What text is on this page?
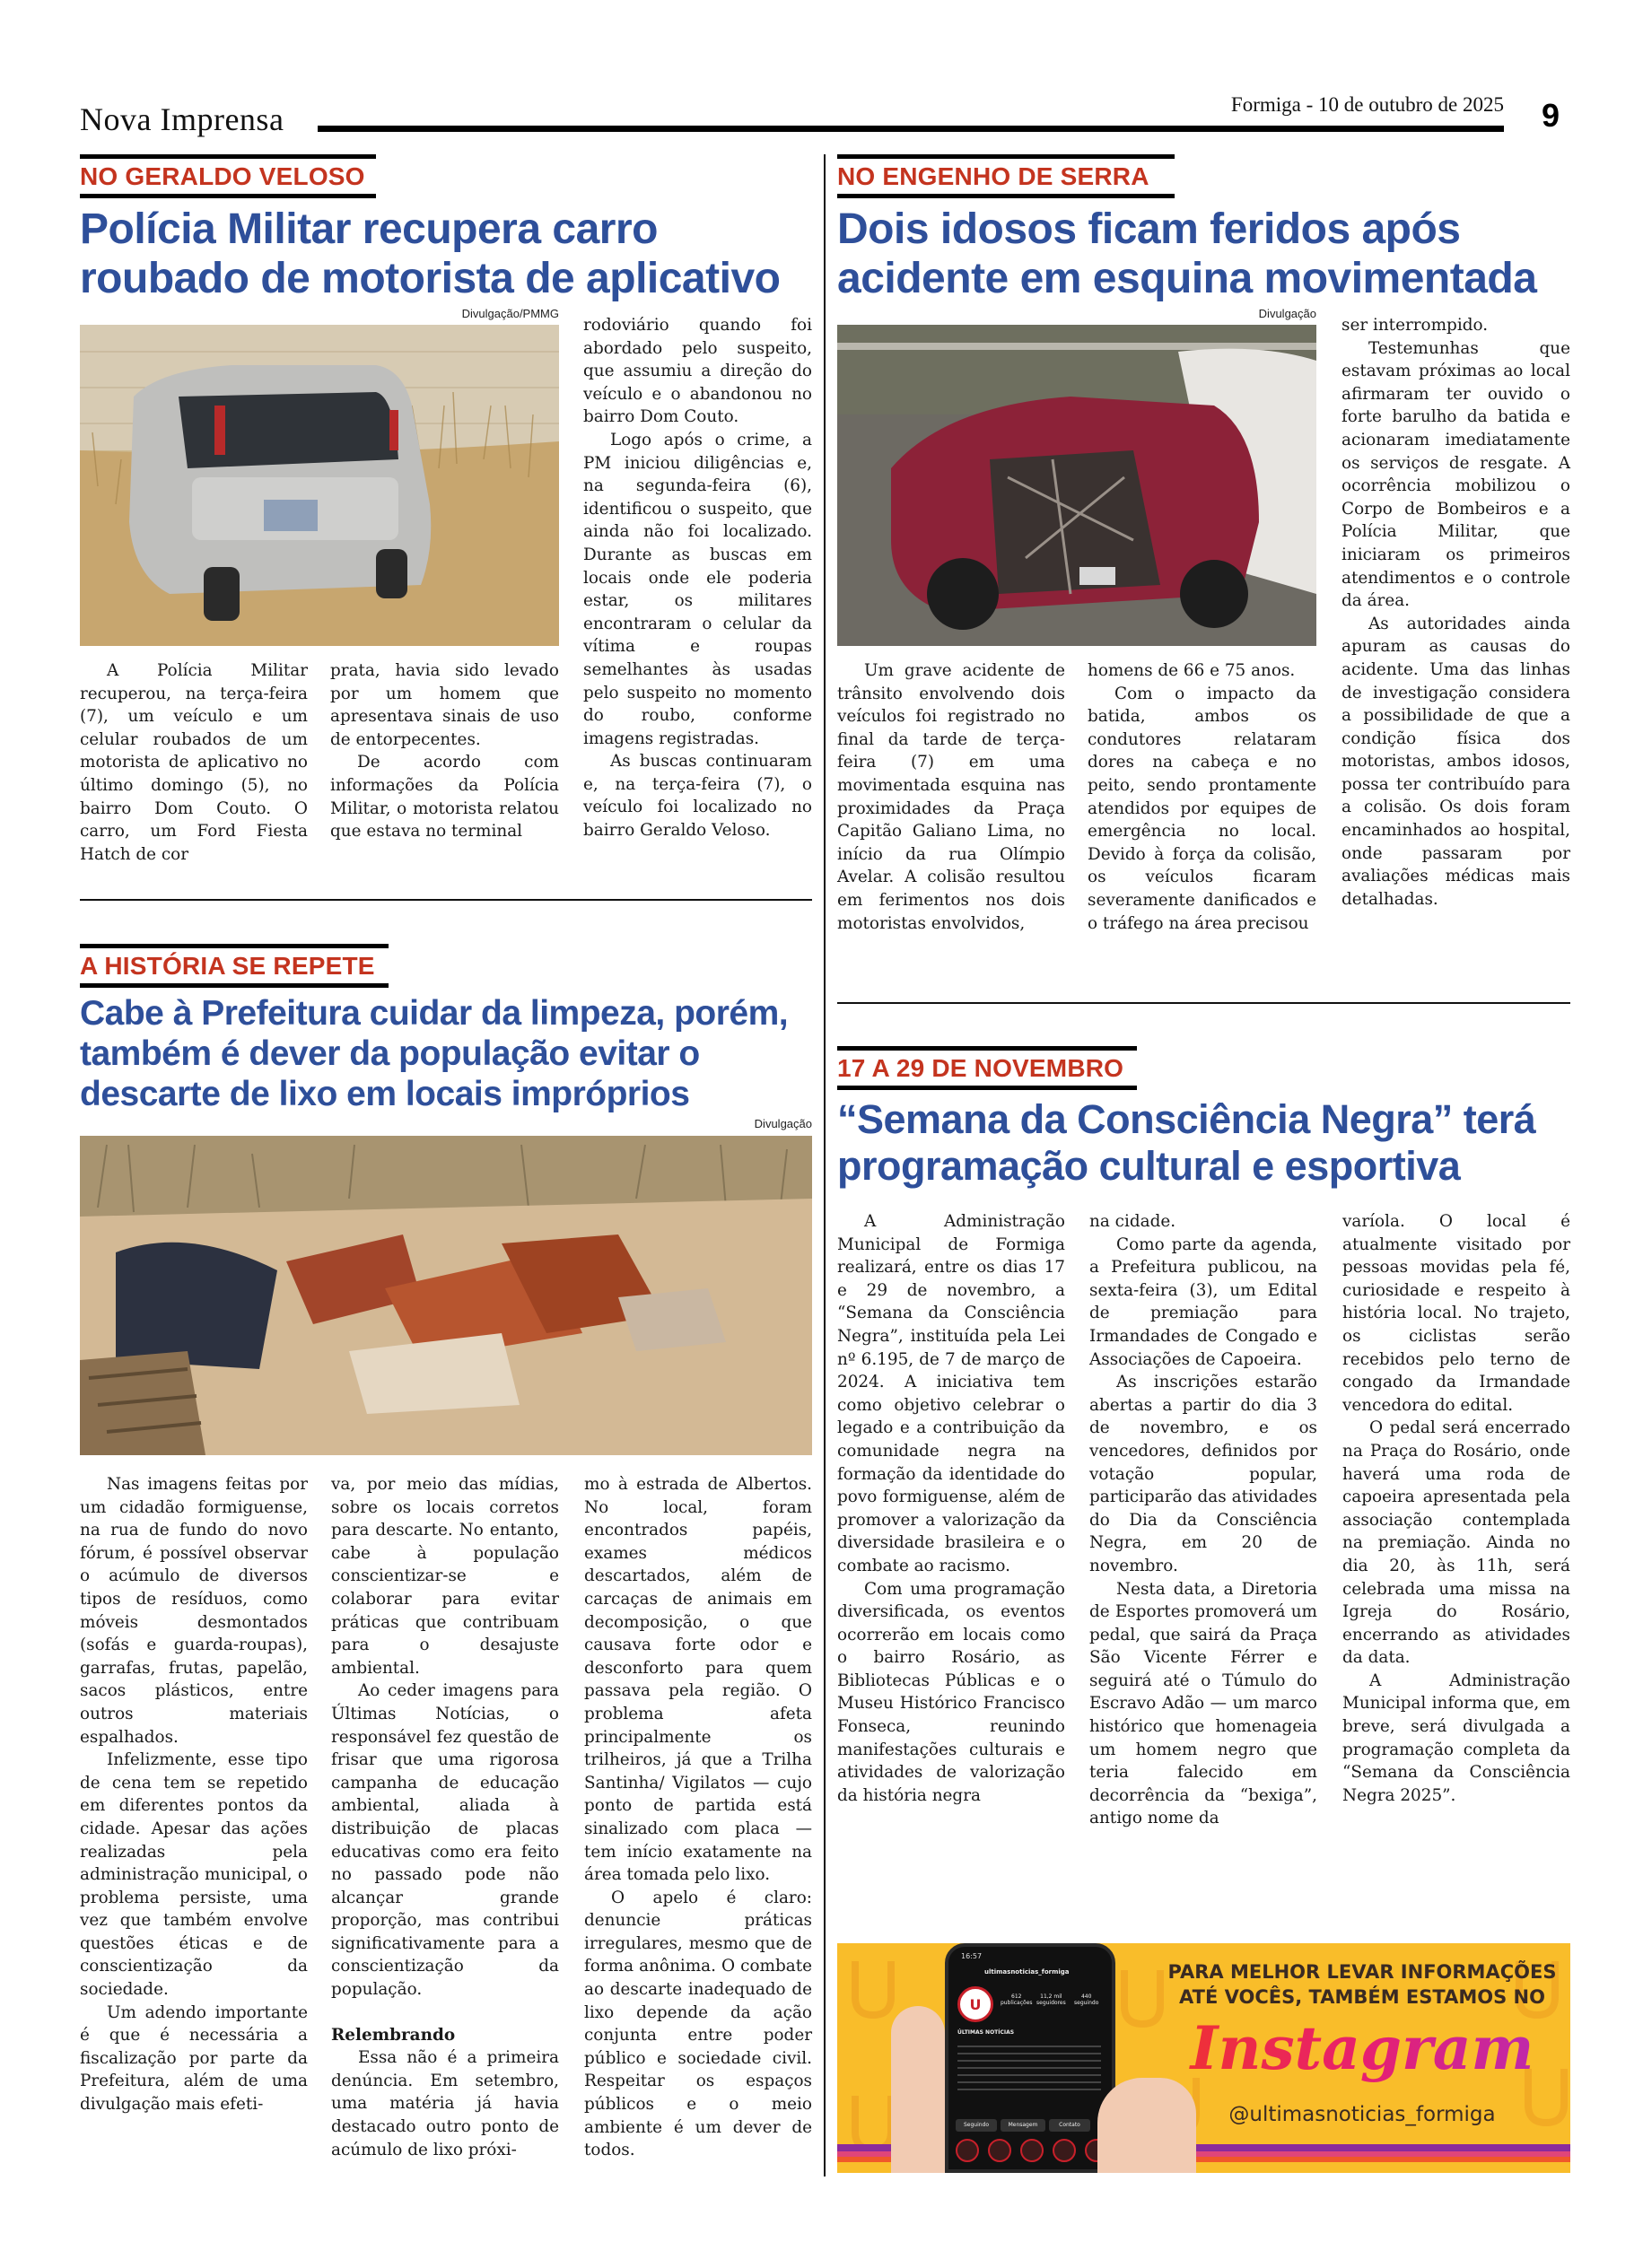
Nova Imprensa	Formiga - 10 de outubro de 2025 9
NO GERALDO VELOSO
Polícia Militar recupera carro roubado de motorista de aplicativo
Divulgação/PMMG

A Polícia Militar recuperou, na terça-feira (7), um veículo e um celular roubados de um motorista de aplicativo no último domingo (5), no bairro Dom Couto. O carro, um Ford Fiesta Hatch de cor

prata, havia sido levado por um homem que apresentava sinais de uso de entorpecentes.

De acordo com informações da Polícia Militar, o motorista relatou que estava no terminal

rodoviário quando foi abordado pelo suspeito, que assumiu a direção do veículo e o abandonou no bairro Dom Couto.

Logo após o crime, a PM iniciou diligências e, na segunda-feira (6), identificou o suspeito, que ainda não foi localizado. Durante as buscas em locais onde ele poderia estar, os militares encontraram o celular da vítima e roupas semelhantes às usadas pelo suspeito no momento do roubo, conforme imagens registradas.

As buscas continuaram e, na terça-feira (7), o veículo foi localizado no bairro Geraldo Veloso.

NO ENGENHO DE SERRA
Dois idosos ficam feridos após acidente em esquina movimentada
Divulgação

Um grave acidente de trânsito envolvendo dois veículos foi registrado no final da tarde de terça-feira (7) em uma movimentada esquina nas proximidades da Praça Capitão Galiano Lima, no início da rua Olímpio Avelar. A colisão resultou em ferimentos nos dois motoristas envolvidos,

homens de 66 e 75 anos.

Com o impacto da batida, ambos os condutores relataram dores na cabeça e no peito, sendo prontamente atendidos por equipes de emergência no local. Devido à força da colisão, os veículos ficaram severamente danificados e o tráfego na área precisou

ser interrompido.

Testemunhas que estavam próximas ao local afirmaram ter ouvido o forte barulho da batida e acionaram imediatamente os serviços de resgate. A ocorrência mobilizou o Corpo de Bombeiros e a Polícia Militar, que iniciaram os primeiros atendimentos e o controle da área.

As autoridades ainda apuram as causas do acidente. Uma das linhas de investigação considera a possibilidade de que a condição física dos motoristas, ambos idosos, possa ter contribuído para a colisão. Os dois foram encaminhados ao hospital, onde passaram por avaliações médicas mais detalhadas.

A HISTÓRIA SE REPETE
Cabe à Prefeitura cuidar da limpeza, porém, também é dever da população evitar o descarte de lixo em locais impróprios
Divulgação

Nas imagens feitas por um cidadão formiguense, na rua de fundo do novo fórum, é possível observar o acúmulo de diversos tipos de resíduos, como móveis desmontados (sofás e guarda-roupas), garrafas, frutas, papelão, sacos plásticos, entre outros materiais espalhados.

Infelizmente, esse tipo de cena tem se repetido em diferentes pontos da cidade. Apesar das ações realizadas pela administração municipal, o problema persiste, uma vez que também envolve questões éticas e de conscientização da sociedade.

Um adendo importante é que é necessária a fiscalização por parte da Prefeitura, além de uma divulgação mais efeti-

va, por meio das mídias, sobre os locais corretos para descarte. No entanto, cabe à população conscientizar-se e colaborar para evitar práticas que contribuam para o desajuste ambiental.

Ao ceder imagens para Últimas Notícias, o responsável fez questão de frisar que uma rigorosa campanha de educação ambiental, aliada à distribuição de placas educativas como era feito no passado pode não alcançar grande proporção, mas contribui significativamente para a conscientização da população.

Relembrando

Essa não é a primeira denúncia. Em setembro, uma matéria já havia destacado outro ponto de acúmulo de lixo próxi-

mo à estrada de Albertos. No local, foram encontrados papéis, exames médicos descartados, além de carcaças de animais em decomposição, o que causava forte odor e desconforto para quem passava pela região. O problema afeta principalmente os trilheiros, já que a Trilha Santinha/ Vigilatos — cujo ponto de partida está sinalizado com placa — tem início exatamente na área tomada pelo lixo.

O apelo é claro: denuncie práticas irregulares, mesmo que de forma anônima. O combate ao descarte inadequado de lixo depende da ação conjunta entre poder público e sociedade civil. Respeitar os espaços públicos e o meio ambiente é um dever de todos.

17 A 29 DE NOVEMBRO
“Semana da Consciência Negra” terá programação cultural e esportiva

A Administração Municipal de Formiga realizará, entre os dias 17 e 29 de novembro, a “Semana da Consciência Negra”, instituída pela Lei nº 6.195, de 7 de março de 2024. A iniciativa tem como objetivo celebrar o legado e a contribuição da comunidade negra na formação da identidade do povo formiguense, além de promover a valorização da diversidade brasileira e o combate ao racismo.

Com uma programação diversificada, os eventos ocorrerão em locais como o bairro Rosário, as Bibliotecas Públicas e o Museu Histórico Francisco Fonseca, reunindo manifestações culturais e atividades de valorização da história negra

na cidade.

Como parte da agenda, a Prefeitura publicou, na sexta-feira (3), um Edital de premiação para Irmandades de Congado e Associações de Capoeira.

As inscrições estarão abertas a partir do dia 3 de novembro, e os vencedores, definidos por votação popular, participarão das atividades do Dia da Consciência Negra, em 20 de novembro.

Nesta data, a Diretoria de Esportes promoverá um pedal, que sairá da Praça São Vicente Férrer e seguirá até o Túmulo do Escravo Adão — um marco histórico que homenageia um homem negro que teria falecido em decorrência da “bexiga”, antigo nome da

varíola. O local é atualmente visitado por pessoas movidas pela fé, curiosidade e respeito à história local. No trajeto, os ciclistas serão recebidos pelo terno de congado da Irmandade vencedora do edital.

O pedal será encerrado na Praça do Rosário, onde haverá uma roda de capoeira apresentada pela associação contemplada na premiação. Ainda no dia 20, às 11h, será celebrada uma missa na Igreja do Rosário, encerrando as atividades da data.

A Administração Municipal informa que, em breve, será divulgada a programação completa da “Semana da Consciência Negra 2025”.

16:57
ultimasnoticias_formiga
U	612
publicações
11,2 mil
seguidores
440
seguindo
ÚLTIMAS NOTÍCIAS
Seguindo	Mensagem	Contato
PARA MELHOR LEVAR INFORMAÇÕES
ATÉ VOCÊS, TAMBÉM ESTAMOS NO
Instagram
@ultimasnoticias_formiga
